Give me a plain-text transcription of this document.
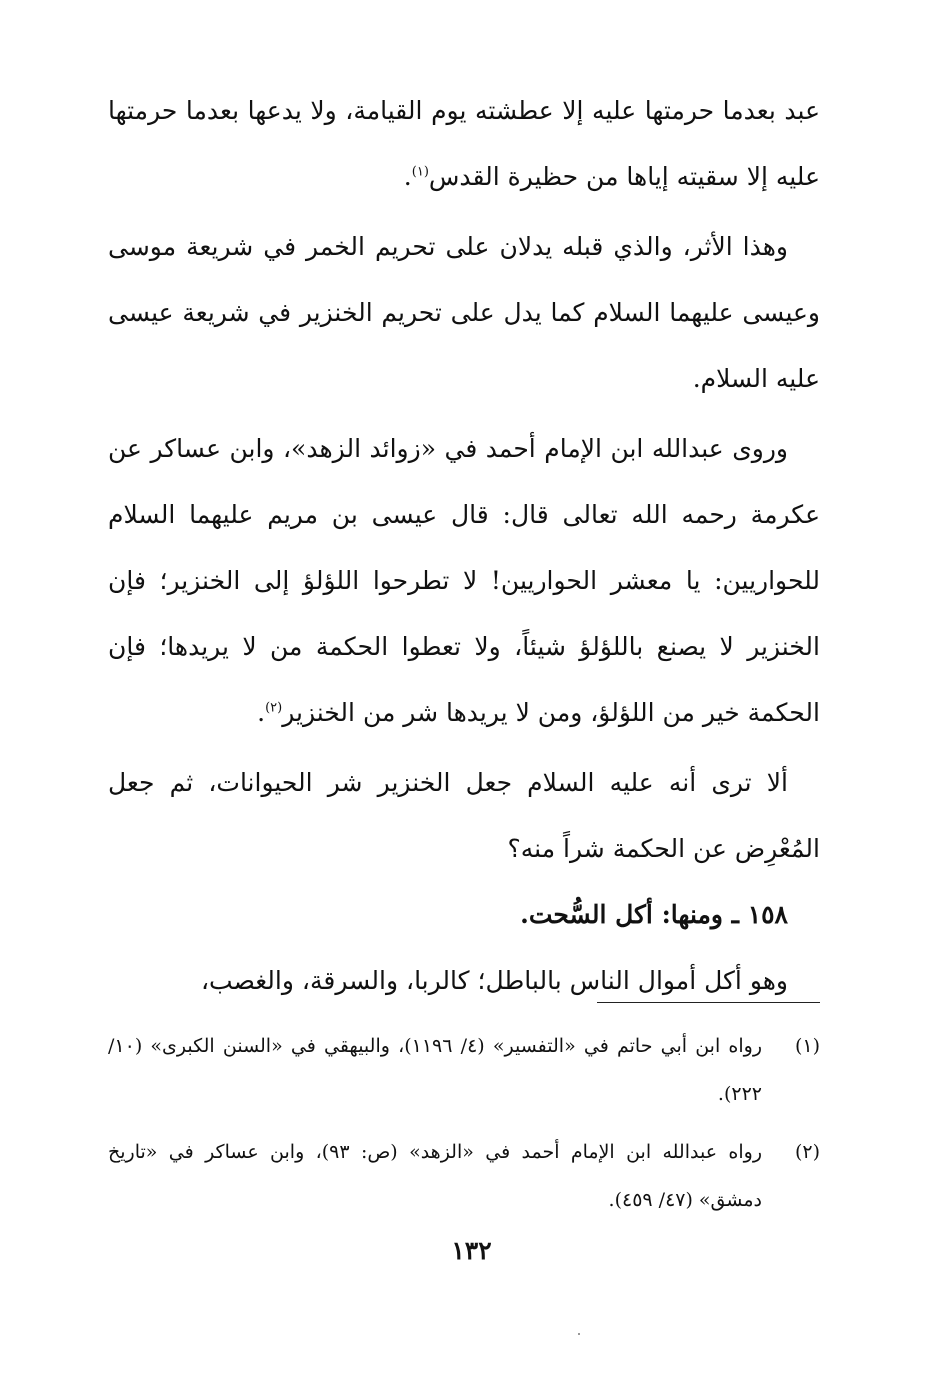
عبد بعدما حرمتها عليه إلا عطشته يوم القيامة، ولا يدعها بعدما حرمتها عليه إلا سقيته إياها من حظيرة القدس$^{(١)}$.

وهذا الأثر، والذي قبله يدلان على تحريم الخمر في شريعة موسى وعيسى عليهما السلام كما يدل على تحريم الخنزير في شريعة عيسى عليه السلام.

وروى عبدالله ابن الإمام أحمد في «زوائد الزهد»، وابن عساكر عن عكرمة رحمه الله تعالى قال: قال عيسى بن مريم عليهما السلام للحواريين: يا معشر الحواريين! لا تطرحوا اللؤلؤ إلى الخنزير؛ فإن الخنزير لا يصنع باللؤلؤ شيئاً، ولا تعطوا الحكمة من لا يريدها؛ فإن الحكمة خير من اللؤلؤ، ومن لا يريدها شر من الخنزير$^{(٢)}$.

ألا ترى أنه عليه السلام جعل الخنزير شر الحيوانات، ثم جعل المُعْرِض عن الحكمة شراً منه؟

١٥٨ ـ ومنها: أكل السُّحت.

وهو أكل أموال الناس بالباطل؛ كالربا، والسرقة، والغصب،

(١)
رواه ابن أبي حاتم في «التفسير» (٤/ ١١٩٦)، والبيهقي في «السنن الكبرى» (١٠/ ٢٢٢).
(٢)
رواه عبدالله ابن الإمام أحمد في «الزهد» (ص: ٩٣)، وابن عساكر في «تاريخ دمشق» (٤٧/ ٤٥٩).
١٣٢
